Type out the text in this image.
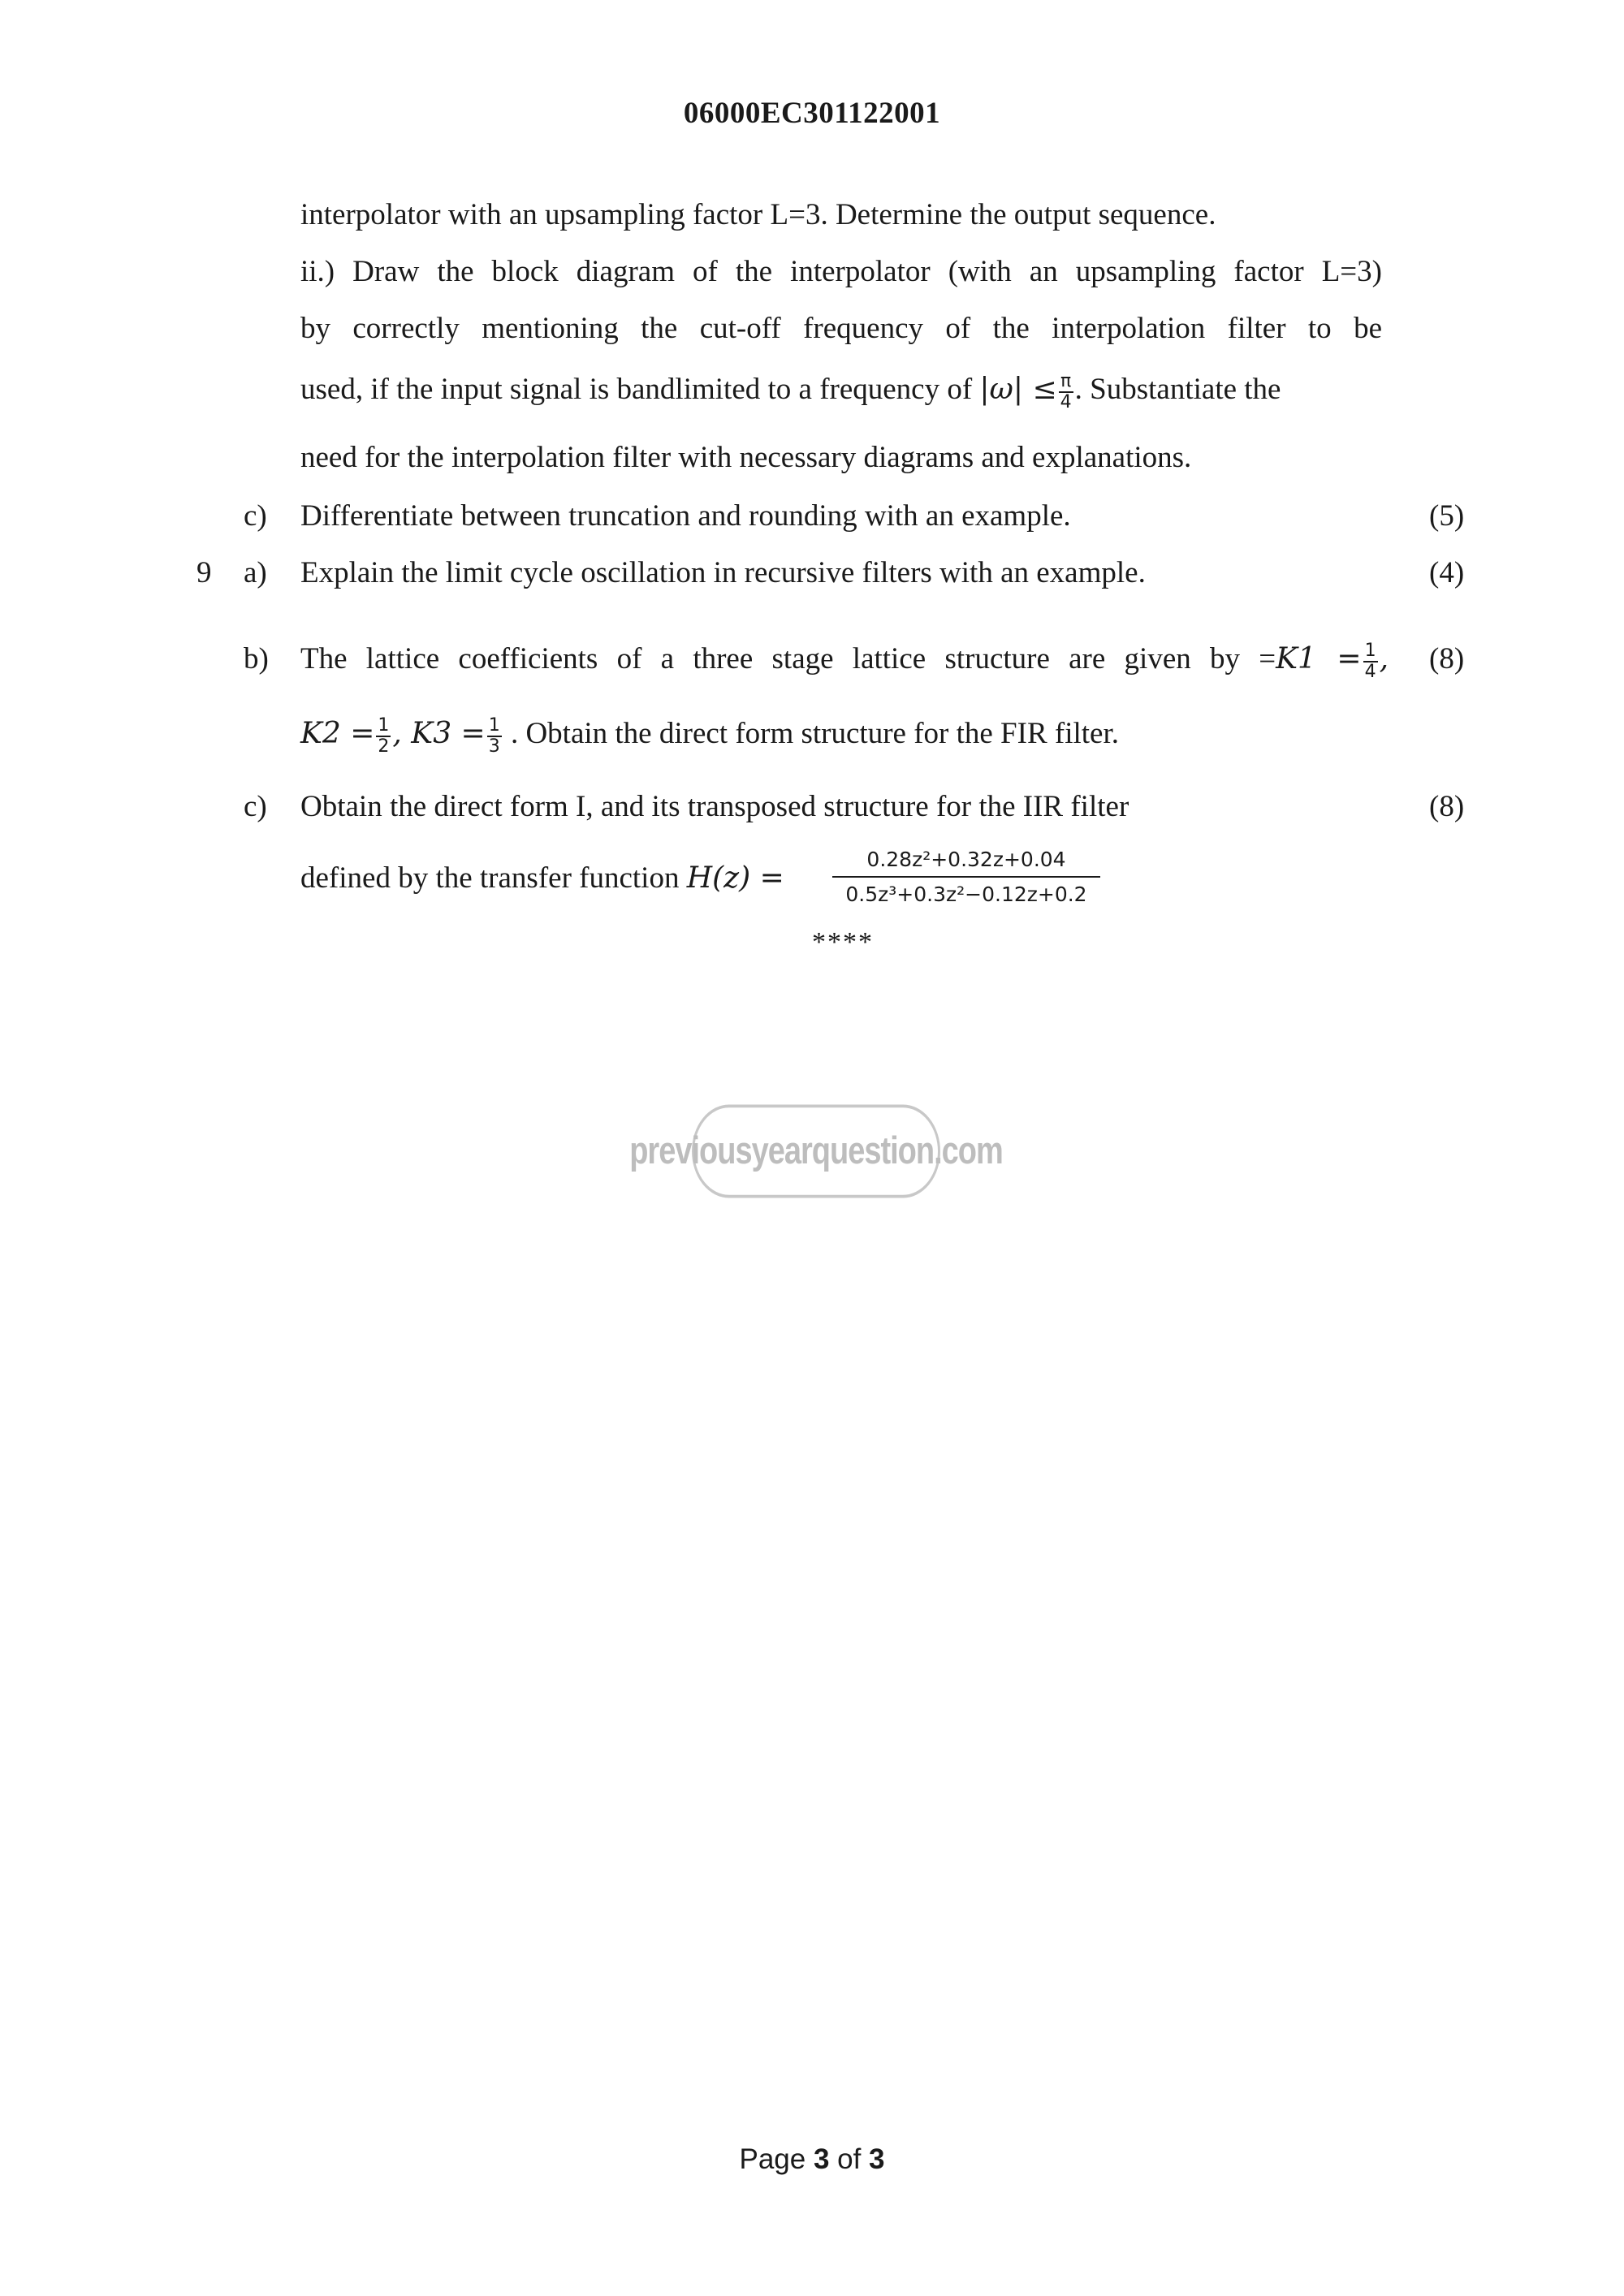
06000EC301122001
interpolator with an upsampling factor L=3. Determine the output sequence.
ii.) Draw the block diagram of the interpolator (with an upsampling factor L=3)
by correctly mentioning the cut-off frequency of the interpolation filter to be
used, if the input signal is bandlimited to a frequency of $|\omega| \le \frac{\pi}{4}$ . Substantiate the
need for the interpolation filter with necessary diagrams and explanations.
c) Differentiate between truncation and rounding with an example.	(5)
9 a) Explain the limit cycle oscillation in recursive filters with an example.	(4)
b) The lattice coefficients of a three stage lattice structure are given by $=K1 = \frac{1}{4}$ , (8)
$K2 = \frac{1}{2}$ , $K3 = \frac{1}{3}$ . Obtain the direct form structure for the FIR filter.
c) Obtain the direct form I, and its transposed structure for the IIR filter	(8)
defined by the transfer function $H(z) = \frac{\text{0.28z²+0.32z+0.04}}{\text{0.5z³+0.3z²−0.12z+0.2}}$
****
previousyearquestion.com
Page 3 of 3
